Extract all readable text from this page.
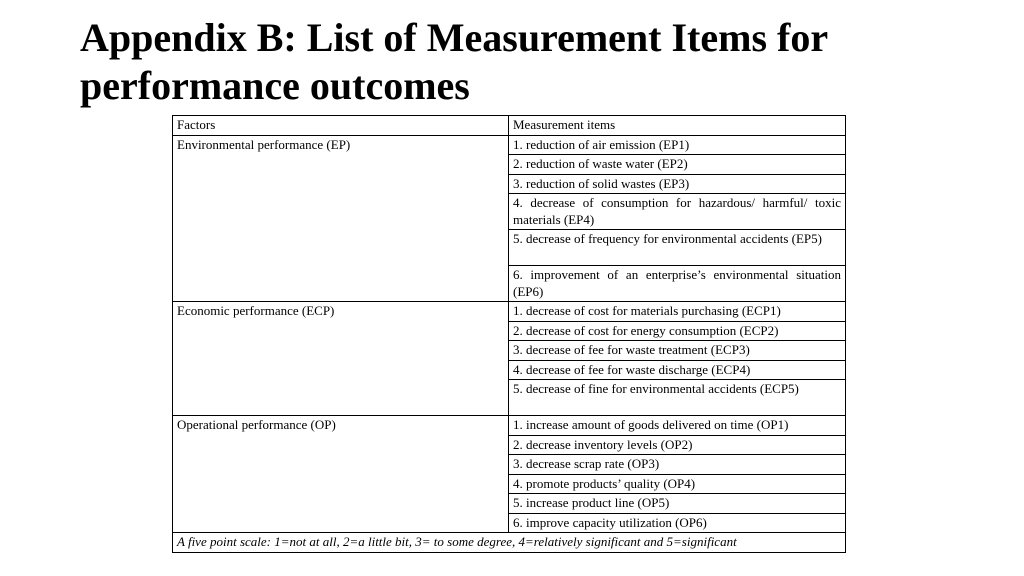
Appendix B: List of Measurement Items for
performance outcomes
Factors	Measurement items
Environmental performance (EP)	1. reduction of air emission (EP1)
	2. reduction of waste water (EP2)
	3. reduction of solid wastes (EP3)
	4. decrease of consumption for hazardous/ harmful/ toxic materials (EP4)
	5. decrease of frequency for environmental accidents (EP5)
	6. improvement of an enterprise’s environmental situation (EP6)
Economic performance (ECP)	1. decrease of cost for materials purchasing (ECP1)
	2. decrease of cost for energy consumption (ECP2)
	3. decrease of fee for waste treatment (ECP3)
	4. decrease of fee for waste discharge (ECP4)
	5. decrease of fine for environmental accidents (ECP5)
Operational performance (OP)	1. increase amount of goods delivered on time (OP1)
	2. decrease inventory levels (OP2)
	3. decrease scrap rate (OP3)
	4. promote products’ quality (OP4)
	5. increase product line (OP5)
	6. improve capacity utilization (OP6)
A five point scale: 1=not at all, 2=a little bit, 3= to some degree, 4=relatively significant and 5=significant	
